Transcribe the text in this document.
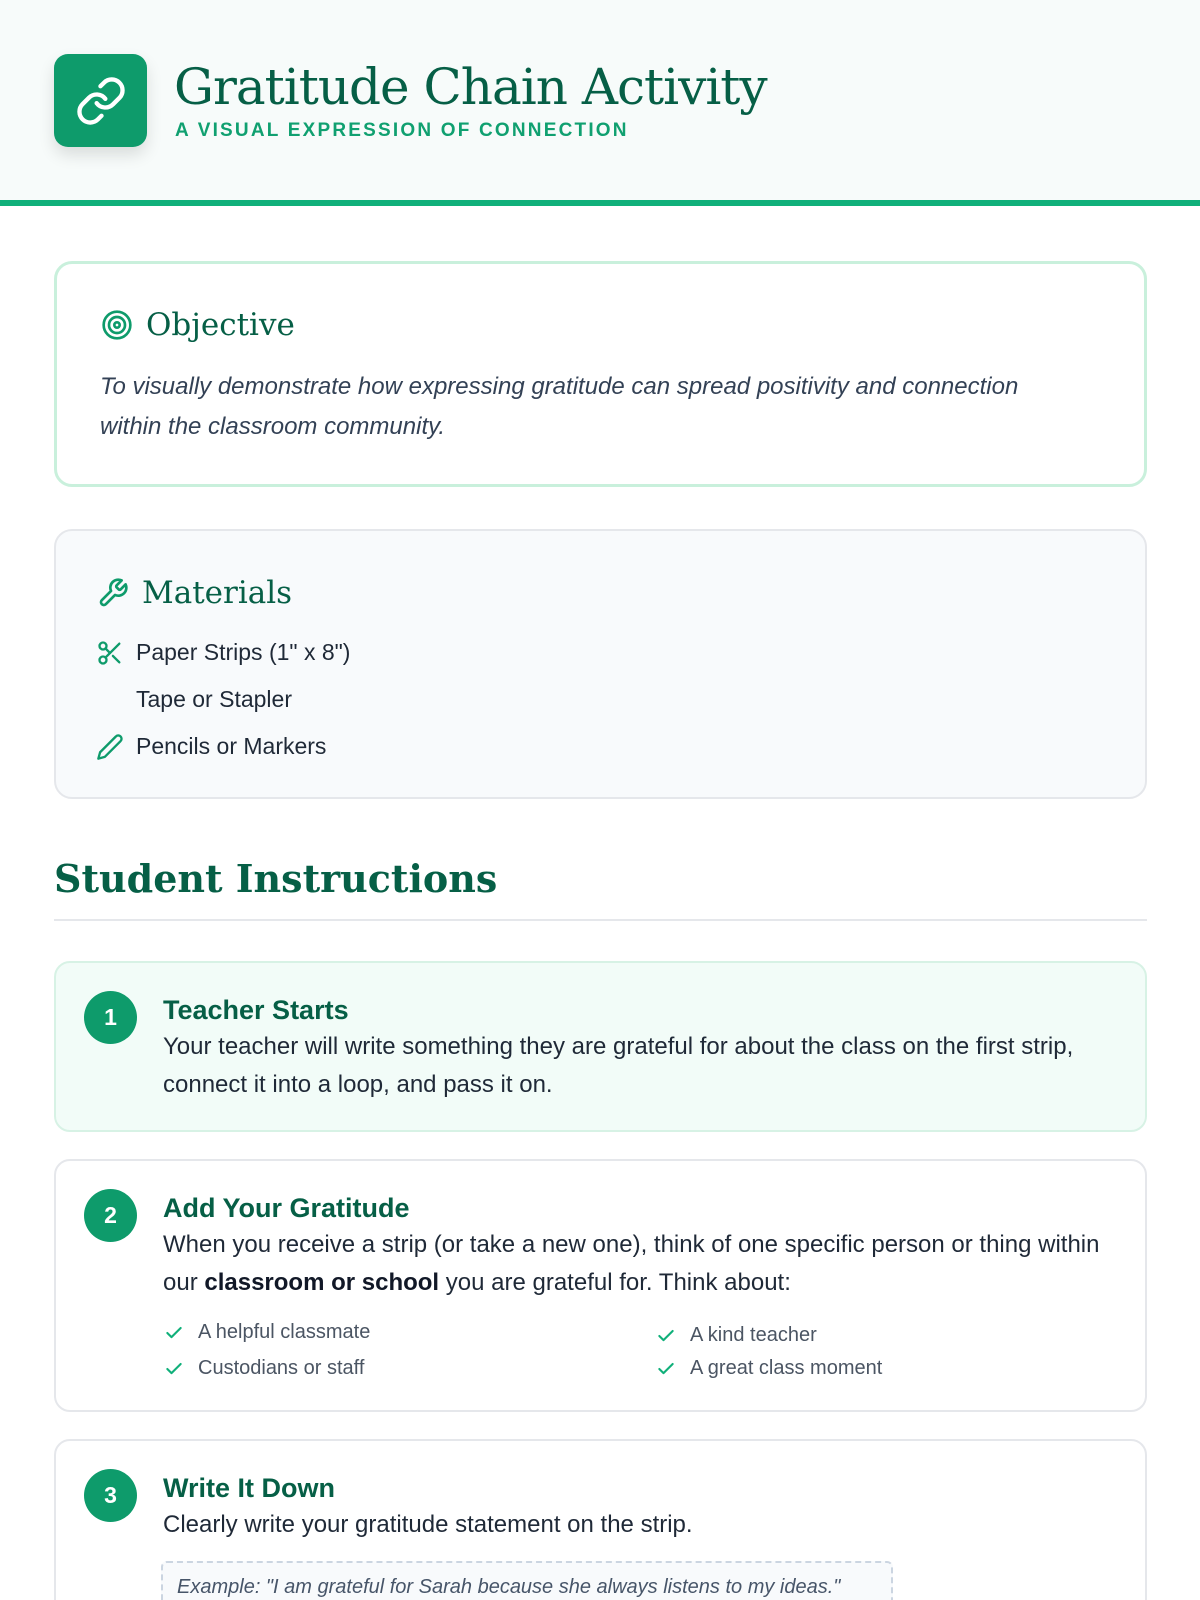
Gratitude Chain Activity
A VISUAL EXPRESSION OF CONNECTION
Objective

To visually demonstrate how expressing gratitude can spread positivity and connection within the classroom community.

Materials
Paper Strips (1" x 8")
Tape or Stapler
Pencils or Markers
Student Instructions
1	Teacher Starts

Your teacher will write something they are grateful for about the class on the first strip, connect it into a loop, and pass it on.

2	Add Your Gratitude

When you receive a strip (or take a new one), think of one specific person or thing within our classroom or school you are grateful for. Think about:

A helpful classmate	A kind teacher
Custodians or staff	A great class moment
3	Write It Down

Clearly write your gratitude statement on the strip.

Example: "I am grateful for Sarah because she always listens to my ideas."
